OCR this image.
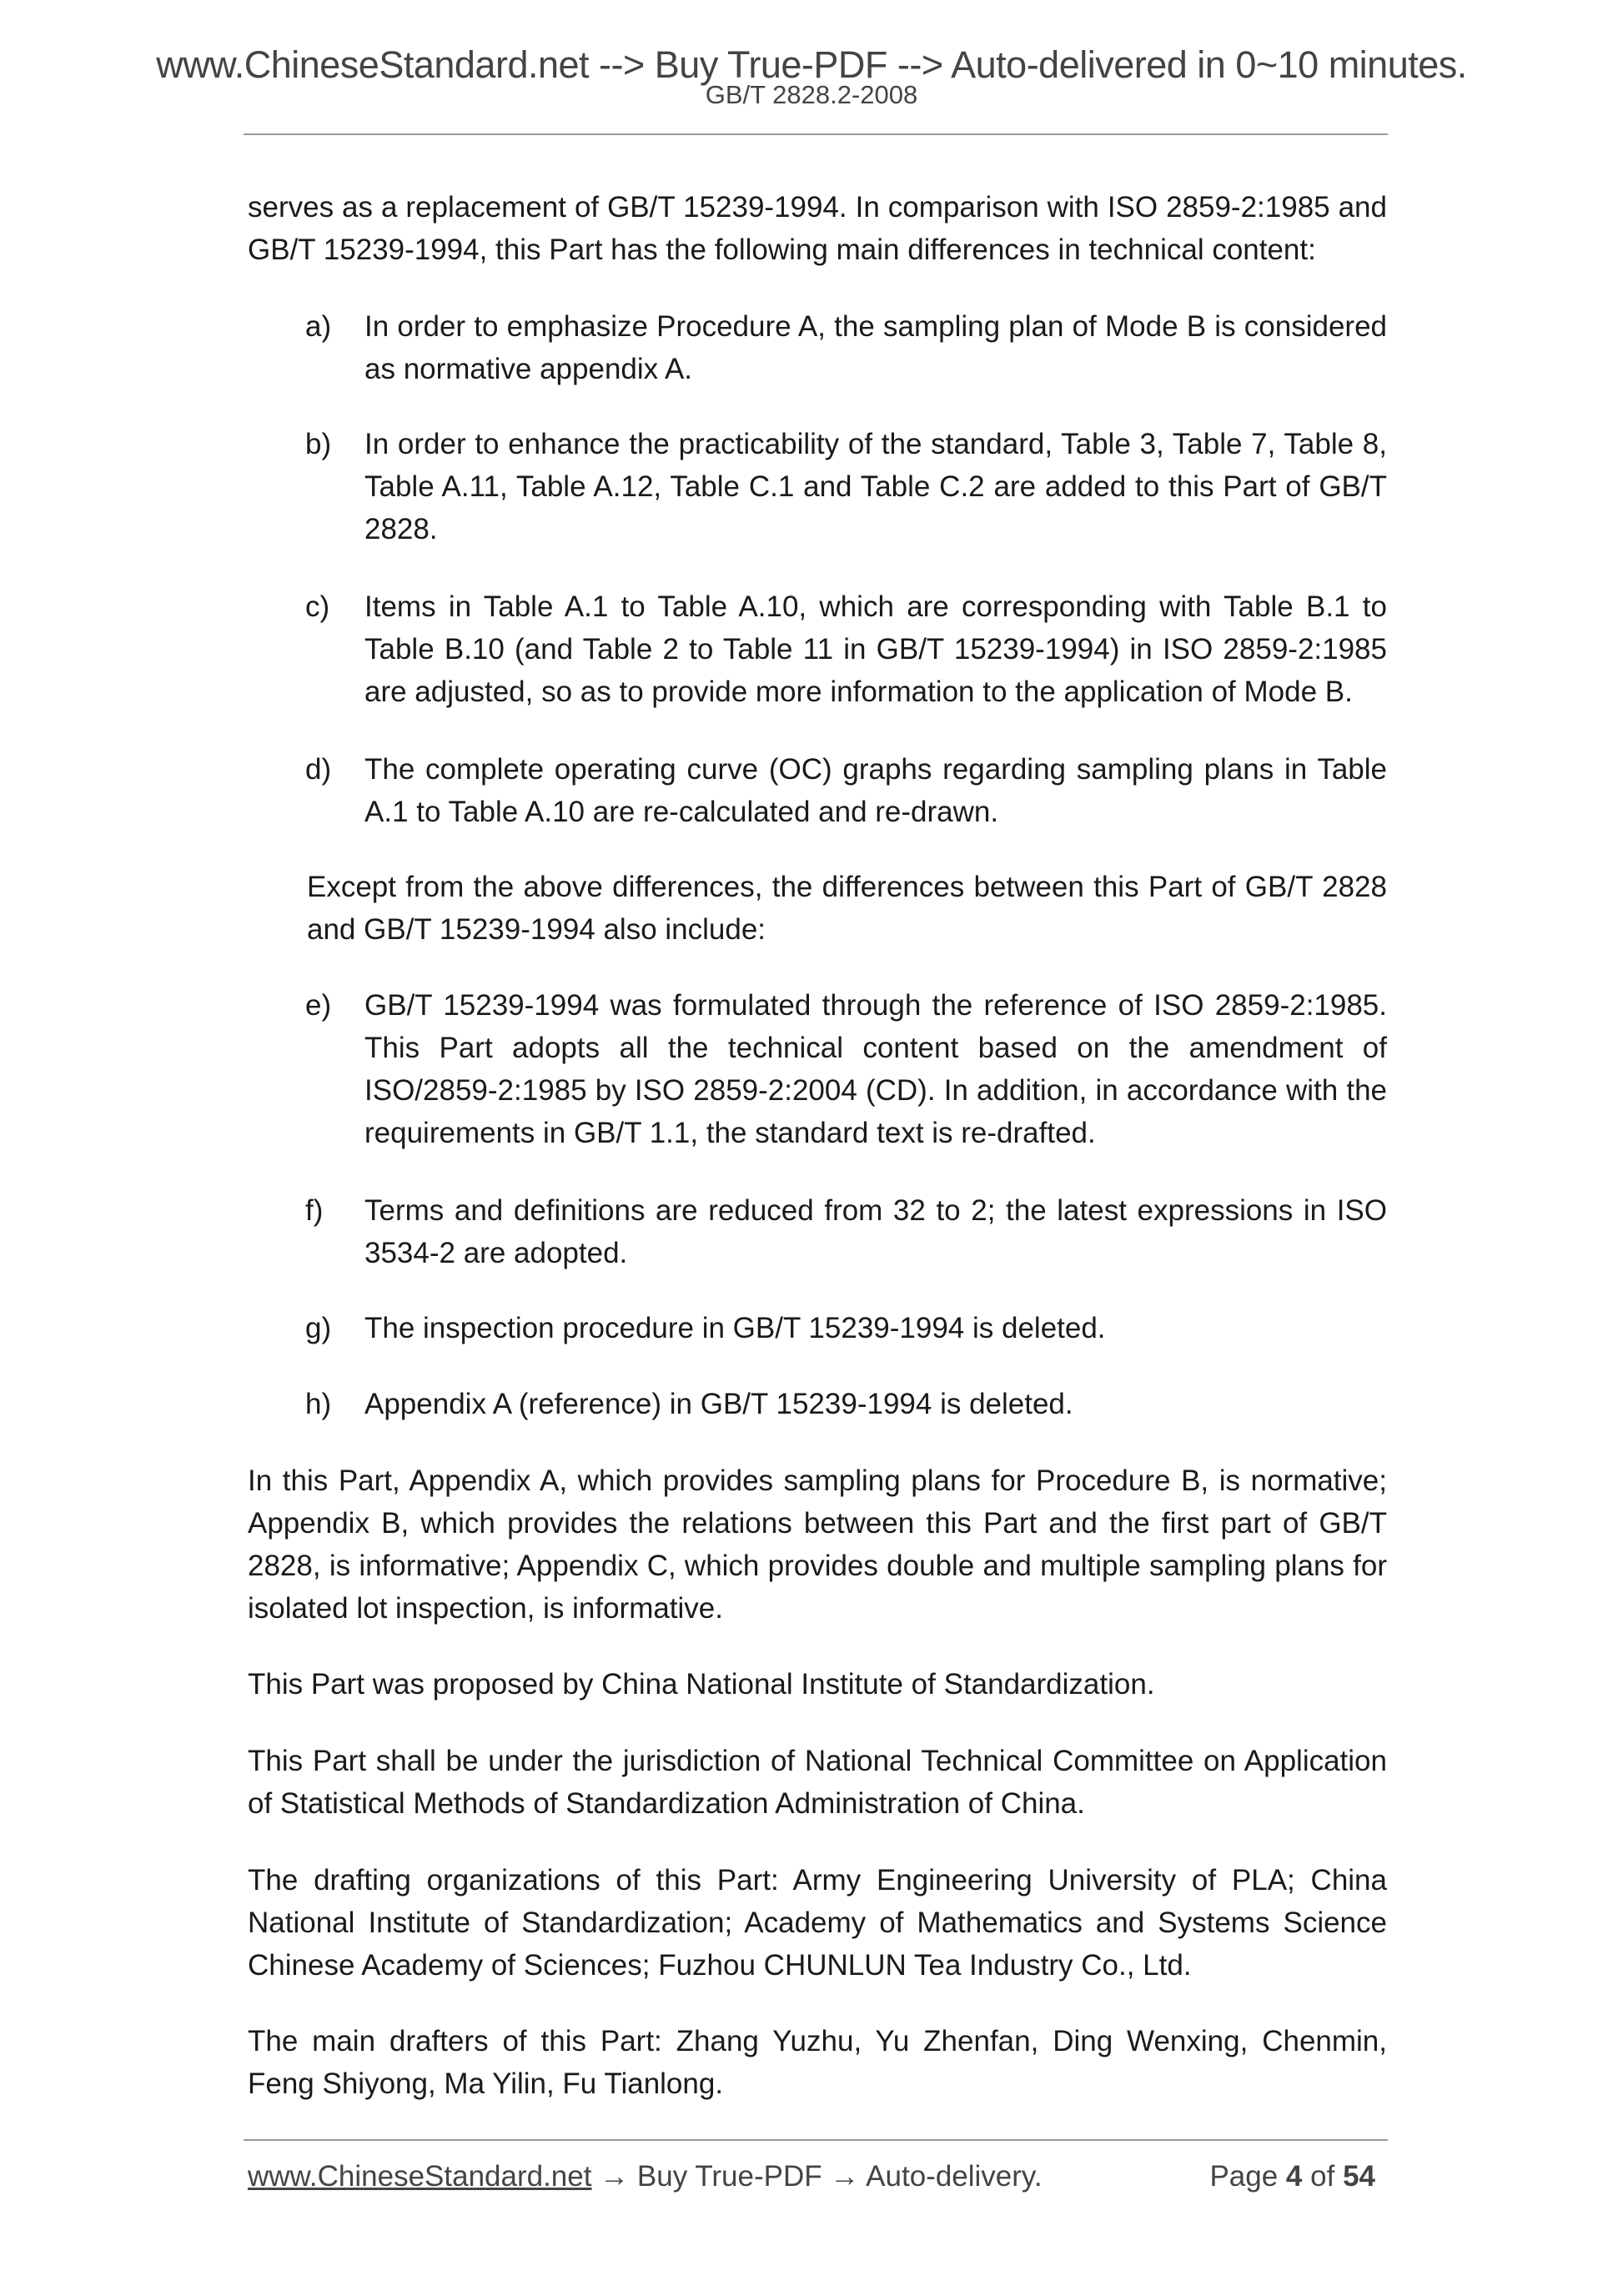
www.ChineseStandard.net --> Buy True-PDF --> Auto-delivered in 0~10 minutes.
GB/T 2828.2-2008
serves as a replacement of GB/T 15239-1994. In comparison with ISO 2859-2:1985 and GB/T 15239-1994, this Part has the following main differences in technical content:
a) In order to emphasize Procedure A, the sampling plan of Mode B is considered as normative appendix A.
b) In order to enhance the practicability of the standard, Table 3, Table 7, Table 8, Table A.11, Table A.12, Table C.1 and Table C.2 are added to this Part of GB/T 2828.
c) Items in Table A.1 to Table A.10, which are corresponding with Table B.1 to Table B.10 (and Table 2 to Table 11 in GB/T 15239-1994) in ISO 2859-2:1985 are adjusted, so as to provide more information to the application of Mode B.
d) The complete operating curve (OC) graphs regarding sampling plans in Table A.1 to Table A.10 are re-calculated and re-drawn.
Except from the above differences, the differences between this Part of GB/T 2828 and GB/T 15239-1994 also include:
e) GB/T 15239-1994 was formulated through the reference of ISO 2859-2:1985. This Part adopts all the technical content based on the amendment of ISO/2859-2:1985 by ISO 2859-2:2004 (CD). In addition, in accordance with the requirements in GB/T 1.1, the standard text is re-drafted.
f) Terms and definitions are reduced from 32 to 2; the latest expressions in ISO 3534-2 are adopted.
g) The inspection procedure in GB/T 15239-1994 is deleted.
h) Appendix A (reference) in GB/T 15239-1994 is deleted.
In this Part, Appendix A, which provides sampling plans for Procedure B, is normative; Appendix B, which provides the relations between this Part and the first part of GB/T 2828, is informative; Appendix C, which provides double and multiple sampling plans for isolated lot inspection, is informative.
This Part was proposed by China National Institute of Standardization.
This Part shall be under the jurisdiction of National Technical Committee on Application of Statistical Methods of Standardization Administration of China.
The drafting organizations of this Part: Army Engineering University of PLA; China National Institute of Standardization; Academy of Mathematics and Systems Science Chinese Academy of Sciences; Fuzhou CHUNLUN Tea Industry Co., Ltd.
The main drafters of this Part: Zhang Yuzhu, Yu Zhenfan, Ding Wenxing, Chenmin, Feng Shiyong, Ma Yilin, Fu Tianlong.
www.ChineseStandard.net → Buy True-PDF → Auto-delivery.	Page 4 of 54
